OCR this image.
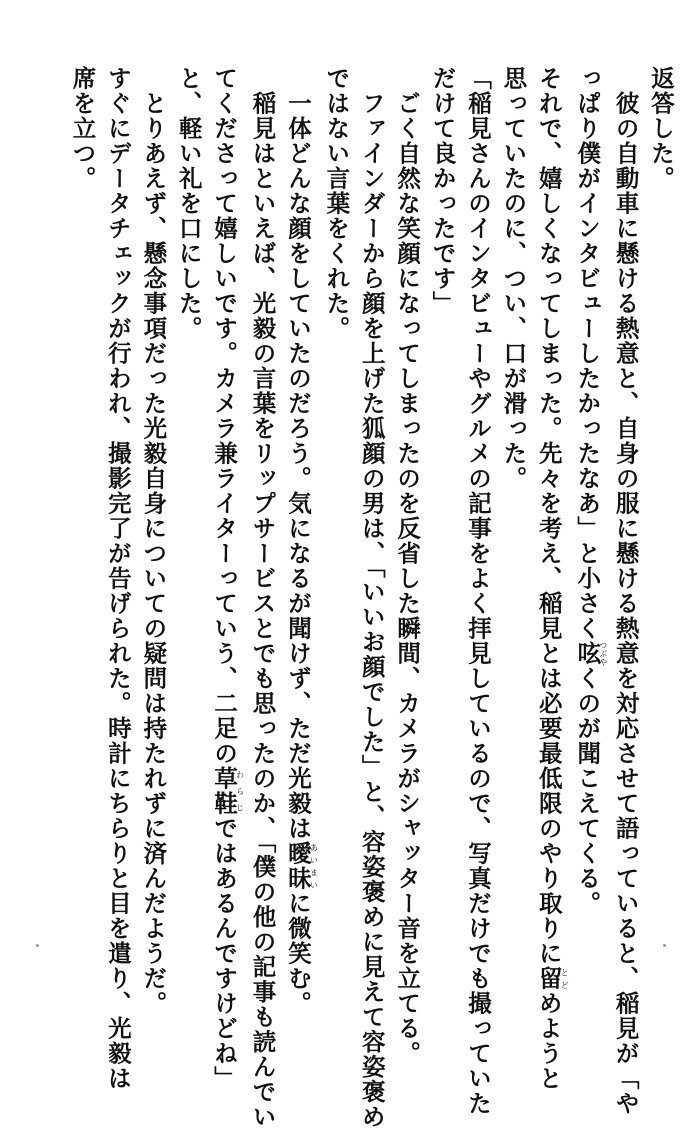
返答した。
　彼の自動車に懸ける熱意と、自身の服に懸ける熱意を対応させて語っていると、稲見が「や
っぱり僕がインタビューしたかったなあ」と小さく呟つぶやくのが聞こえてくる。
それで、嬉しくなってしまった。先々を考え、稲見とは必要最低限のやり取りに留とどめようと
思っていたのに、つい、口が滑った。
「稲見さんのインタビューやグルメの記事をよく拝見しているので、写真だけでも撮っていた
だけて良かったです」
　ごく自然な笑顔になってしまったのを反省した瞬間、カメラがシャッター音を立てる。
　ファインダーから顔を上げた狐顔の男は、「いいお顔でした」と、容姿褒めに見えて容姿褒め
ではない言葉をくれた。
　一体どんな顔をしていたのだろう。気になるが聞けず、ただ光毅は曖昧あいまいに微笑む。
　稲見はといえば、光毅の言葉をリップサービスとでも思ったのか、「僕の他の記事も読んでい
てくださって嬉しいです。カメラ兼ライターっていう、二足の草鞋わらじではあるんですけどね」
と、軽い礼を口にした。
　とりあえず、懸念事項だった光毅自身についての疑問は持たれずに済んだようだ。
すぐにデータチェックが行われ、撮影完了が告げられた。時計にちらりと目を遣り、光毅は
席を立つ。
